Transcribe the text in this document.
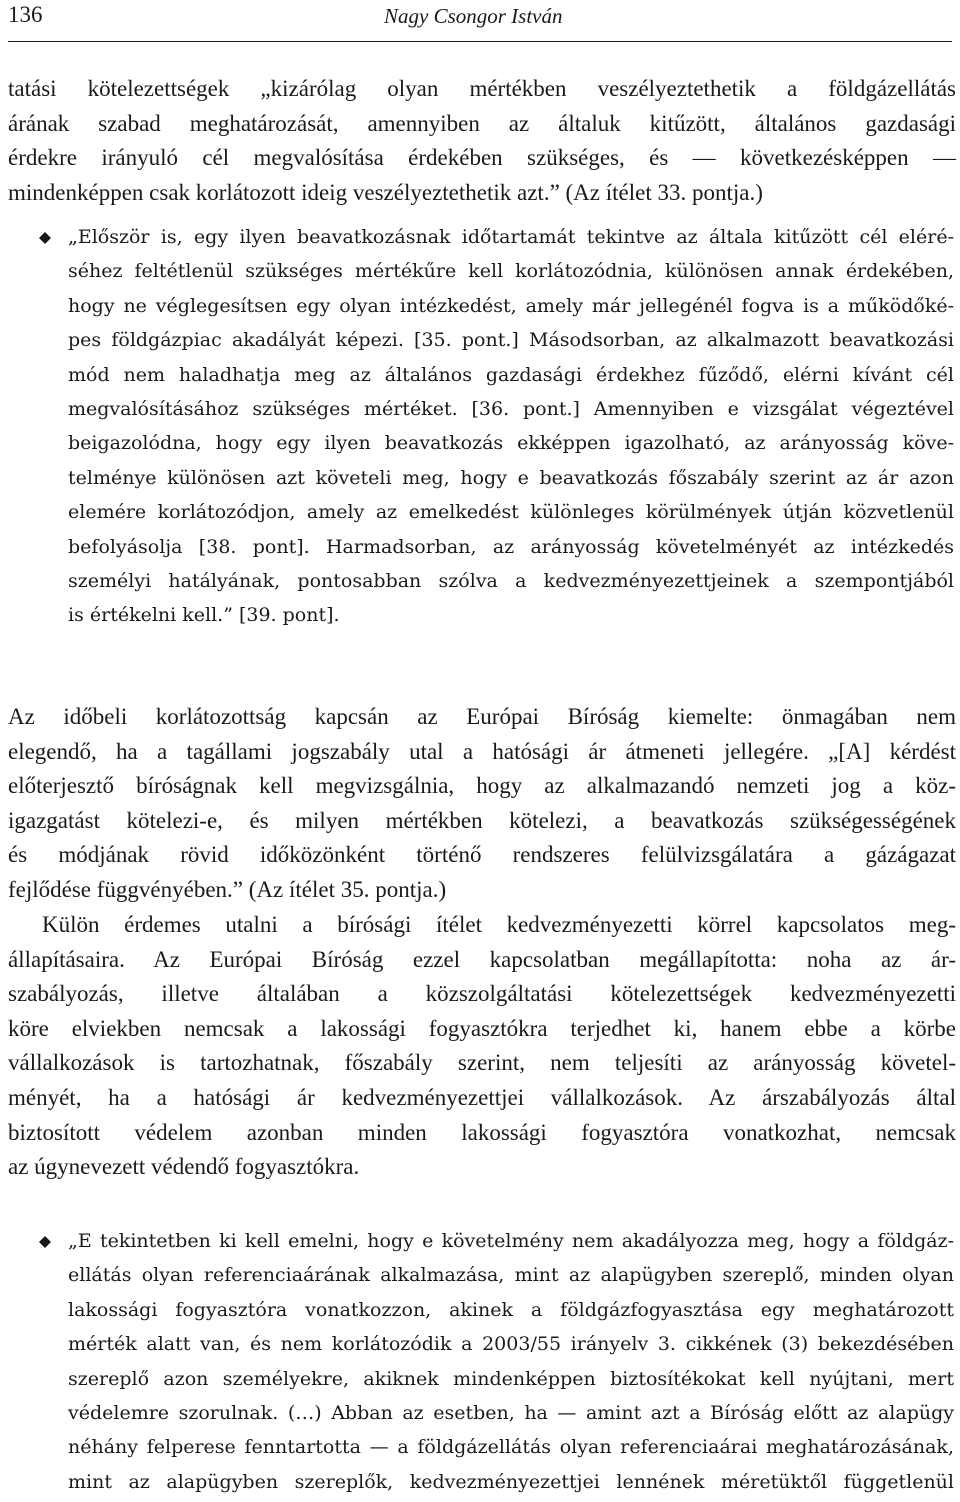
136	Nagy Csongor István
tatási kötelezettségek „kizárólag olyan mértékben veszélyeztethetik a földgázellátás
árának szabad meghatározását, amennyiben az általuk kitűzött, általános gazdasági
érdekre irányuló cél megvalósítása érdekében szükséges, és — következésképpen —
mindenképpen csak korlátozott ideig veszélyeztethetik azt.” (Az ítélet 33. pontja.)
„Először is, egy ilyen beavatkozásnak időtartamát tekintve az általa kitűzött cél eléré-
séhez feltétlenül szükséges mértékűre kell korlátozódnia, különösen annak érdekében,
hogy ne véglegesítsen egy olyan intézkedést, amely már jellegénél fogva is a működőké-
pes földgázpiac akadályát képezi. [35. pont.] Másodsorban, az alkalmazott beavatkozási
mód nem haladhatja meg az általános gazdasági érdekhez fűződő, elérni kívánt cél
megvalósításához szükséges mértéket. [36. pont.] Amennyiben e vizsgálat végeztével
beigazolódna, hogy egy ilyen beavatkozás ekképpen igazolható, az arányosság köve-
telménye különösen azt követeli meg, hogy e beavatkozás főszabály szerint az ár azon
elemére korlátozódjon, amely az emelkedést különleges körülmények útján közvetlenül
befolyásolja [38. pont]. Harmadsorban, az arányosság követelményét az intézkedés
személyi hatályának, pontosabban szólva a kedvezményezettjeinek a szempontjából
is értékelni kell.” [39. pont].
Az időbeli korlátozottság kapcsán az Európai Bíróság kiemelte: önmagában nem
elegendő, ha a tagállami jogszabály utal a hatósági ár átmeneti jellegére. „[A] kérdést
előterjesztő bíróságnak kell megvizsgálnia, hogy az alkalmazandó nemzeti jog a köz-
igazgatást kötelezi-e, és milyen mértékben kötelezi, a beavatkozás szükségességének
és módjának rövid időközönként történő rendszeres felülvizsgálatára a gázágazat
fejlődése függvényében.” (Az ítélet 35. pontja.)
Külön érdemes utalni a bírósági ítélet kedvezményezetti körrel kapcsolatos meg-
állapításaira. Az Európai Bíróság ezzel kapcsolatban megállapította: noha az ár-
szabályozás, illetve általában a közszolgáltatási kötelezettségek kedvezményezetti
köre elviekben nemcsak a lakossági fogyasztókra terjedhet ki, hanem ebbe a körbe
vállalkozások is tartozhatnak, főszabály szerint, nem teljesíti az arányosság követel-
ményét, ha a hatósági ár kedvezményezettjei vállalkozások. Az árszabályozás által
biztosított védelem azonban minden lakossági fogyasztóra vonatkozhat, nemcsak
az úgynevezett védendő fogyasztókra.
„E tekintetben ki kell emelni, hogy e követelmény nem akadályozza meg, hogy a földgáz-
ellátás olyan referenciaárának alkalmazása, mint az alapügyben szereplő, minden olyan
lakossági fogyasztóra vonatkozzon, akinek a földgázfogyasztása egy meghatározott
mérték alatt van, és nem korlátozódik a 2003/55 irányelv 3. cikkének (3) bekezdésében
szereplő azon személyekre, akiknek mindenképpen biztosítékokat kell nyújtani, mert
védelemre szorulnak. (…) Abban az esetben, ha — amint azt a Bíróság előtt az alapügy
néhány felperese fenntartotta — a földgázellátás olyan referenciaárai meghatározásának,
mint az alapügyben szereplők, kedvezményezettjei lennének méretüktől függetlenül
